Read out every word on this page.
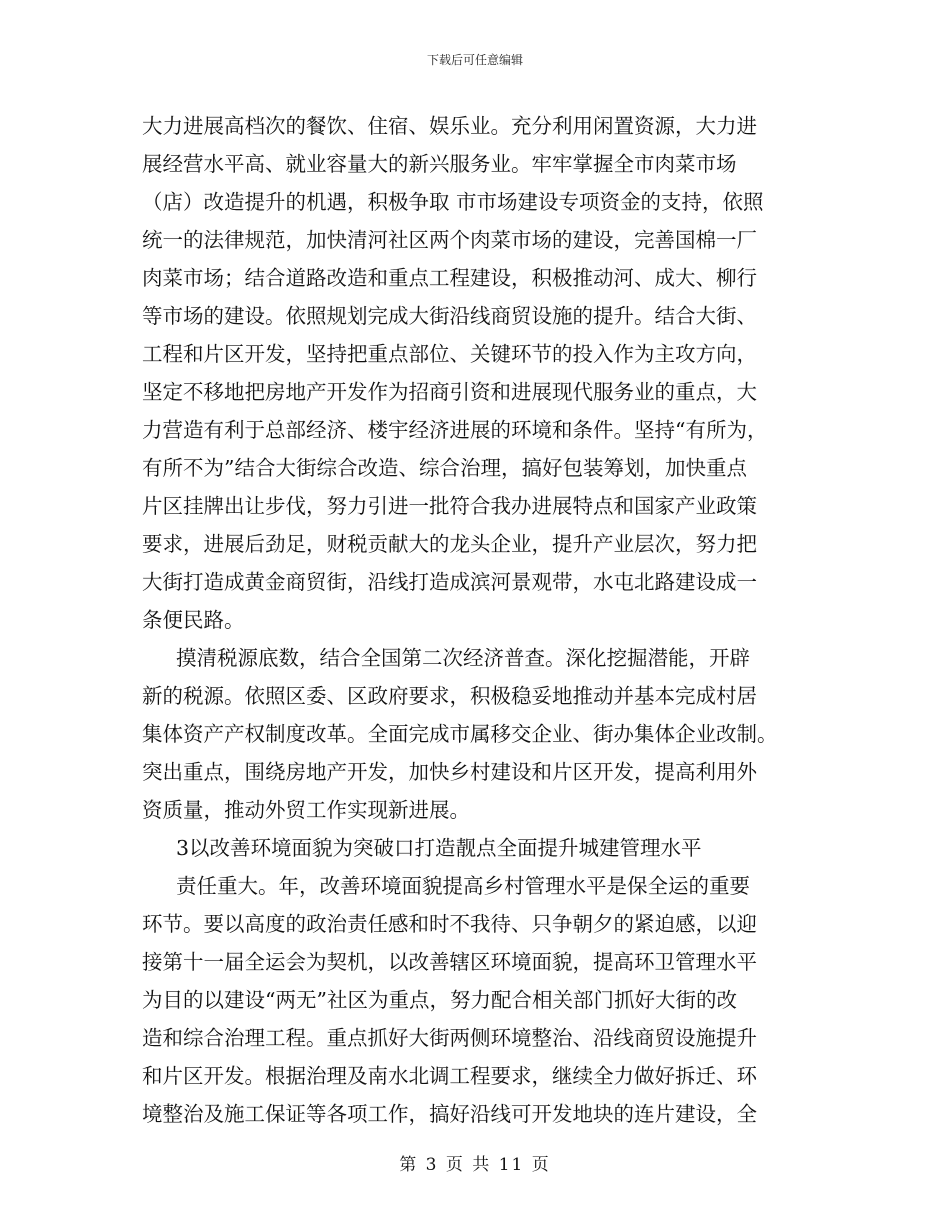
下载后可任意编辑
大力进展高档次的餐饮、住宿、娱乐业。充分利用闲置资源，大力进
展经营水平高、就业容量大的新兴服务业。牢牢掌握全市肉菜市场
（店）改造提升的机遇，积极争取 市市场建设专项资金的支持，依照
统一的法律规范，加快清河社区两个肉菜市场的建设，完善国棉一厂
肉菜市场；结合道路改造和重点工程建设，积极推动河、成大、柳行
等市场的建设。依照规划完成大街沿线商贸设施的提升。结合大街、
工程和片区开发，坚持把重点部位、关键环节的投入作为主攻方向，
坚定不移地把房地产开发作为招商引资和进展现代服务业的重点，大
力营造有利于总部经济、楼宇经济进展的环境和条件。坚持“有所为，
有所不为”结合大街综合改造、综合治理，搞好包装筹划，加快重点
片区挂牌出让步伐，努力引进一批符合我办进展特点和国家产业政策
要求，进展后劲足，财税贡献大的龙头企业，提升产业层次，努力把
大街打造成黄金商贸街，沿线打造成滨河景观带，水屯北路建设成一
条便民路。
摸清税源底数，结合全国第二次经济普查。深化挖掘潜能，开辟
新的税源。依照区委、区政府要求，积极稳妥地推动并基本完成村居
集体资产产权制度改革。全面完成市属移交企业、街办集体企业改制。
突出重点，围绕房地产开发，加快乡村建设和片区开发，提高利用外
资质量，推动外贸工作实现新进展。
3以改善环境面貌为突破口打造靓点全面提升城建管理水平
责任重大。年，改善环境面貌提高乡村管理水平是保全运的重要
环节。要以高度的政治责任感和时不我待、只争朝夕的紧迫感，以迎
接第十一届全运会为契机，以改善辖区环境面貌，提高环卫管理水平
为目的以建设“两无”社区为重点，努力配合相关部门抓好大街的改
造和综合治理工程。重点抓好大街两侧环境整治、沿线商贸设施提升
和片区开发。根据治理及南水北调工程要求，继续全力做好拆迁、环
境整治及施工保证等各项工作，搞好沿线可开发地块的连片建设，全
第 3 页 共 11 页
